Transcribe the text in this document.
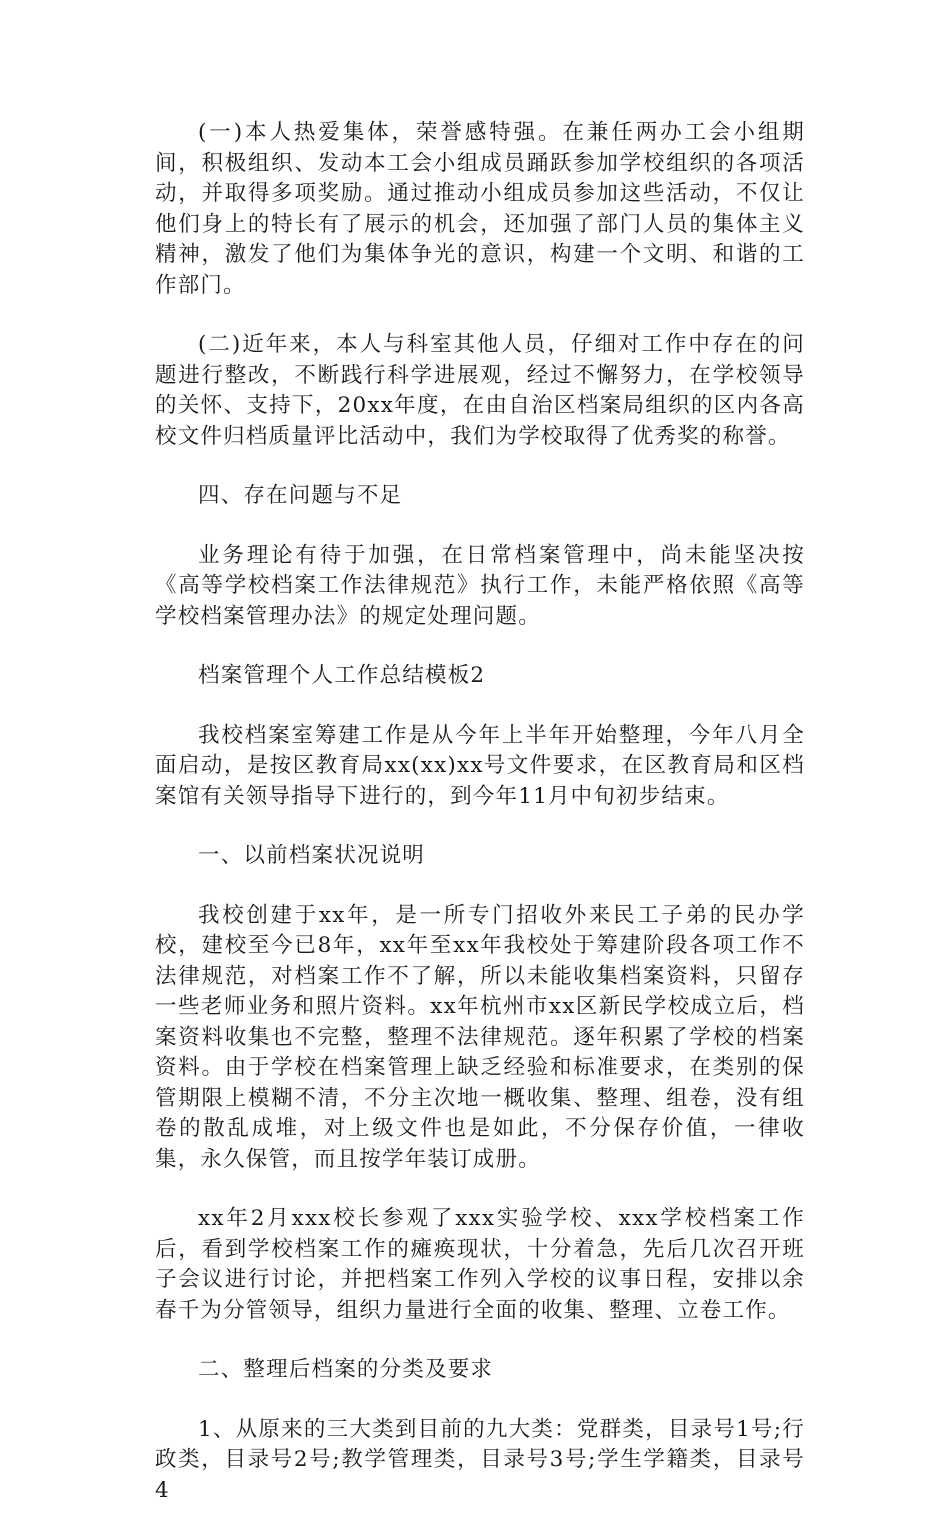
(一)本人热爱集体，荣誉感特强。在兼任两办工会小组期间，积极组织、发动本工会小组成员踊跃参加学校组织的各项活动，并取得多项奖励。通过推动小组成员参加这些活动，不仅让他们身上的特长有了展示的机会，还加强了部门人员的集体主义精神，激发了他们为集体争光的意识，构建一个文明、和谐的工作部门。

(二)近年来，本人与科室其他人员，仔细对工作中存在的问题进行整改，不断践行科学进展观，经过不懈努力，在学校领导的关怀、支持下，20xx年度，在由自治区档案局组织的区内各高校文件归档质量评比活动中，我们为学校取得了优秀奖的称誉。

四、存在问题与不足

业务理论有待于加强，在日常档案管理中，尚未能坚决按《高等学校档案工作法律规范》执行工作，未能严格依照《高等学校档案管理办法》的规定处理问题。

档案管理个人工作总结模板2

我校档案室筹建工作是从今年上半年开始整理，今年八月全面启动，是按区教育局xx(xx)xx号文件要求，在区教育局和区档案馆有关领导指导下进行的，到今年11月中旬初步结束。

一、以前档案状况说明

我校创建于xx年，是一所专门招收外来民工子弟的民办学校，建校至今已8年，xx年至xx年我校处于筹建阶段各项工作不法律规范，对档案工作不了解，所以未能收集档案资料，只留存一些老师业务和照片资料。xx年杭州市xx区新民学校成立后，档案资料收集也不完整，整理不法律规范。逐年积累了学校的档案资料。由于学校在档案管理上缺乏经验和标准要求，在类别的保管期限上模糊不清，不分主次地一概收集、整理、组卷，没有组卷的散乱成堆，对上级文件也是如此，不分保存价值，一律收集，永久保管，而且按学年装订成册。

xx年2月xxx校长参观了xxx实验学校、xxx学校档案工作后，看到学校档案工作的瘫痪现状，十分着急，先后几次召开班子会议进行讨论，并把档案工作列入学校的议事日程，安排以余春千为分管领导，组织力量进行全面的收集、整理、立卷工作。

二、整理后档案的分类及要求

1、从原来的三大类到目前的九大类：党群类，目录号1号;行政类，目录号2号;教学管理类，目录号3号;学生学籍类，目录号4
